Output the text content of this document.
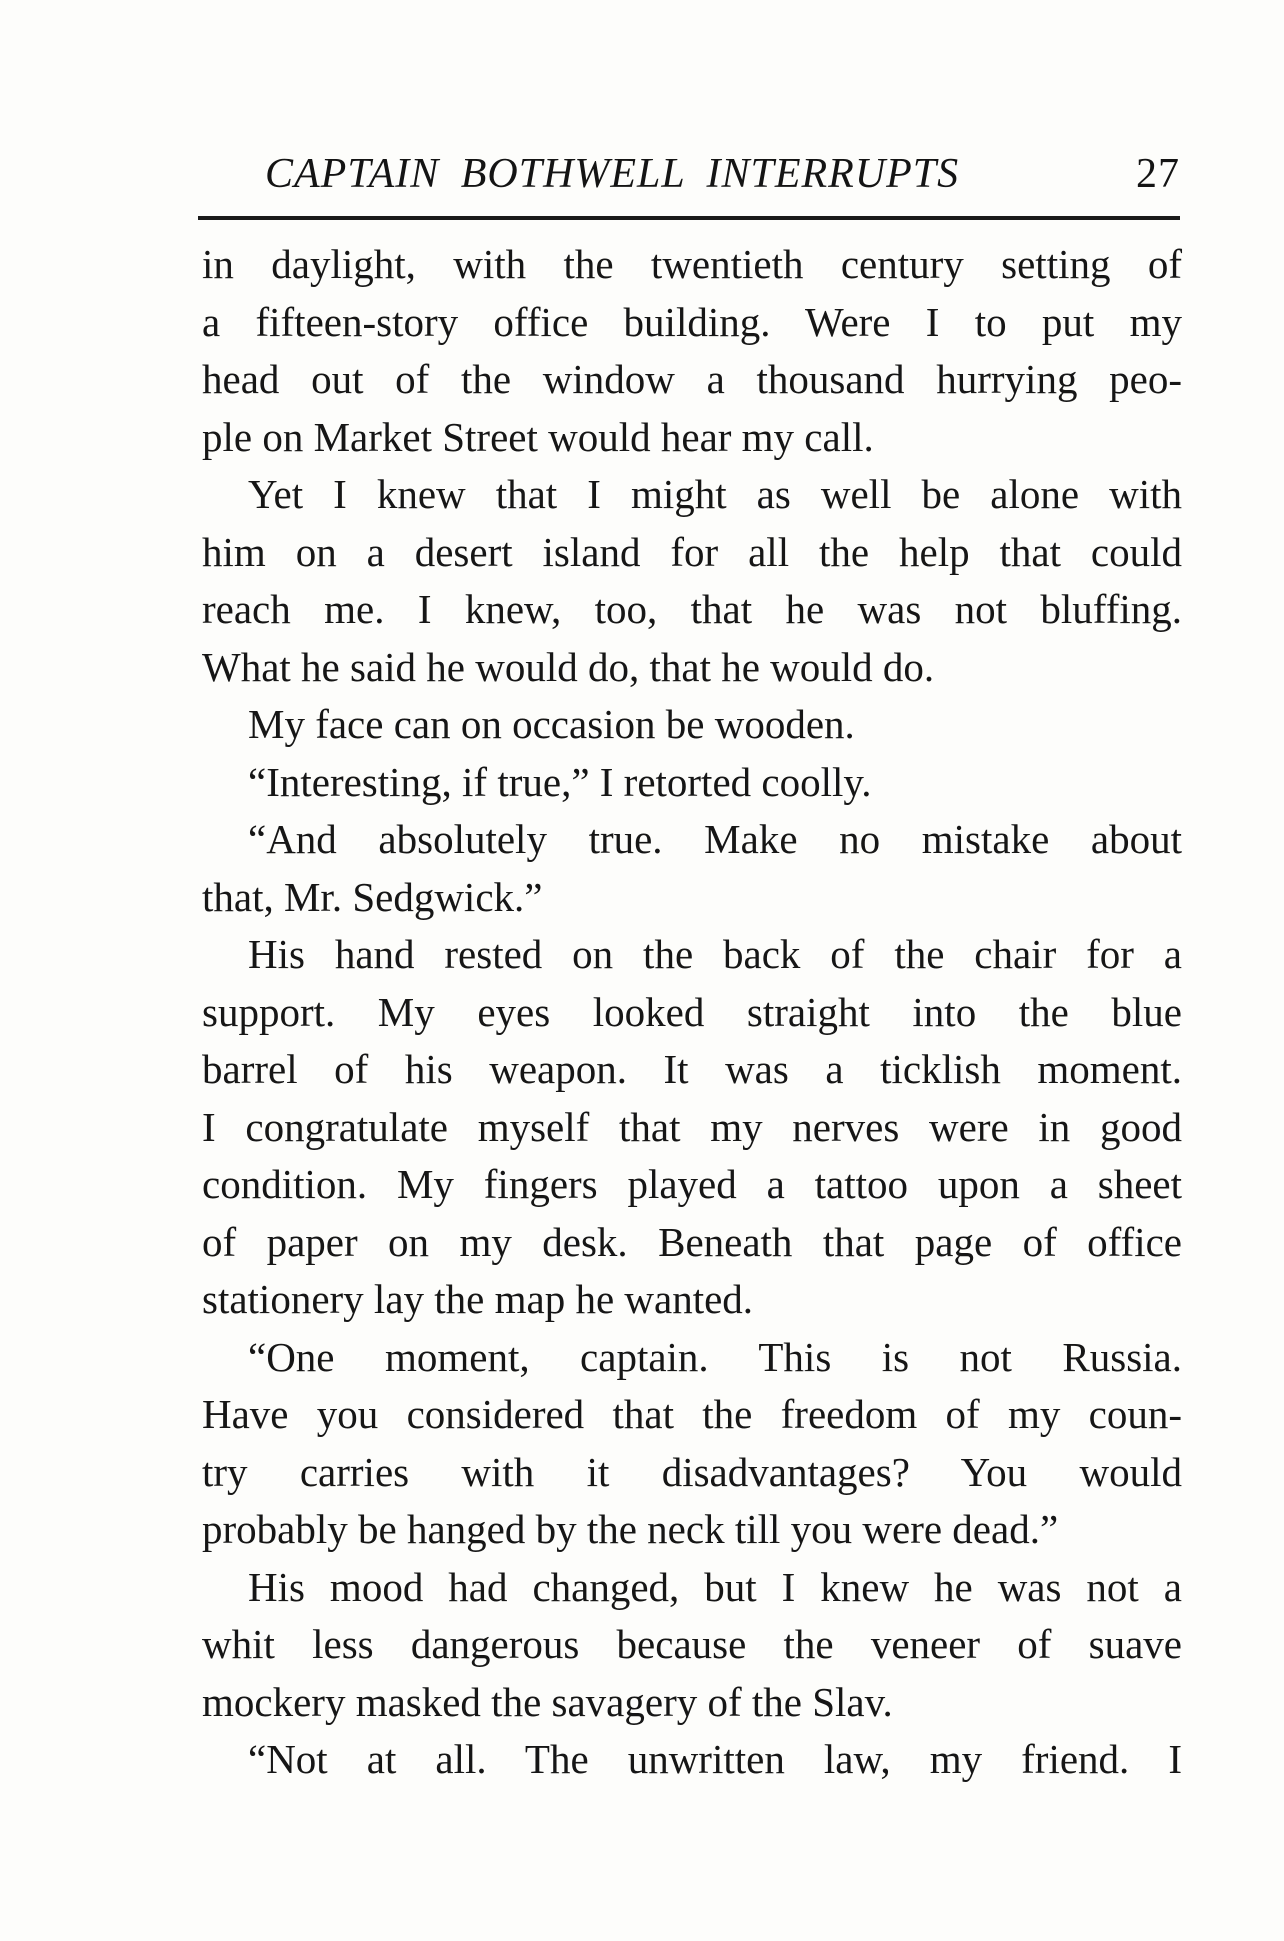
CAPTAIN BOTHWELL INTERRUPTS	27
in daylight, with the twentieth century setting of
a fifteen-story office building. Were I to put my
head out of the window a thousand hurrying peo-
ple on Market Street would hear my call.
Yet I knew that I might as well be alone with
him on a desert island for all the help that could
reach me. I knew, too, that he was not bluffing.
What he said he would do, that he would do.
My face can on occasion be wooden.
“Interesting, if true,” I retorted coolly.
“And absolutely true. Make no mistake about
that, Mr. Sedgwick.”
His hand rested on the back of the chair for a
support. My eyes looked straight into the blue
barrel of his weapon. It was a ticklish moment.
I congratulate myself that my nerves were in good
condition. My fingers played a tattoo upon a sheet
of paper on my desk. Beneath that page of office
stationery lay the map he wanted.
“One moment, captain. This is not Russia.
Have you considered that the freedom of my coun-
try carries with it disadvantages? You would
probably be hanged by the neck till you were dead.”
His mood had changed, but I knew he was not a
whit less dangerous because the veneer of suave
mockery masked the savagery of the Slav.
“Not at all. The unwritten law, my friend. I
